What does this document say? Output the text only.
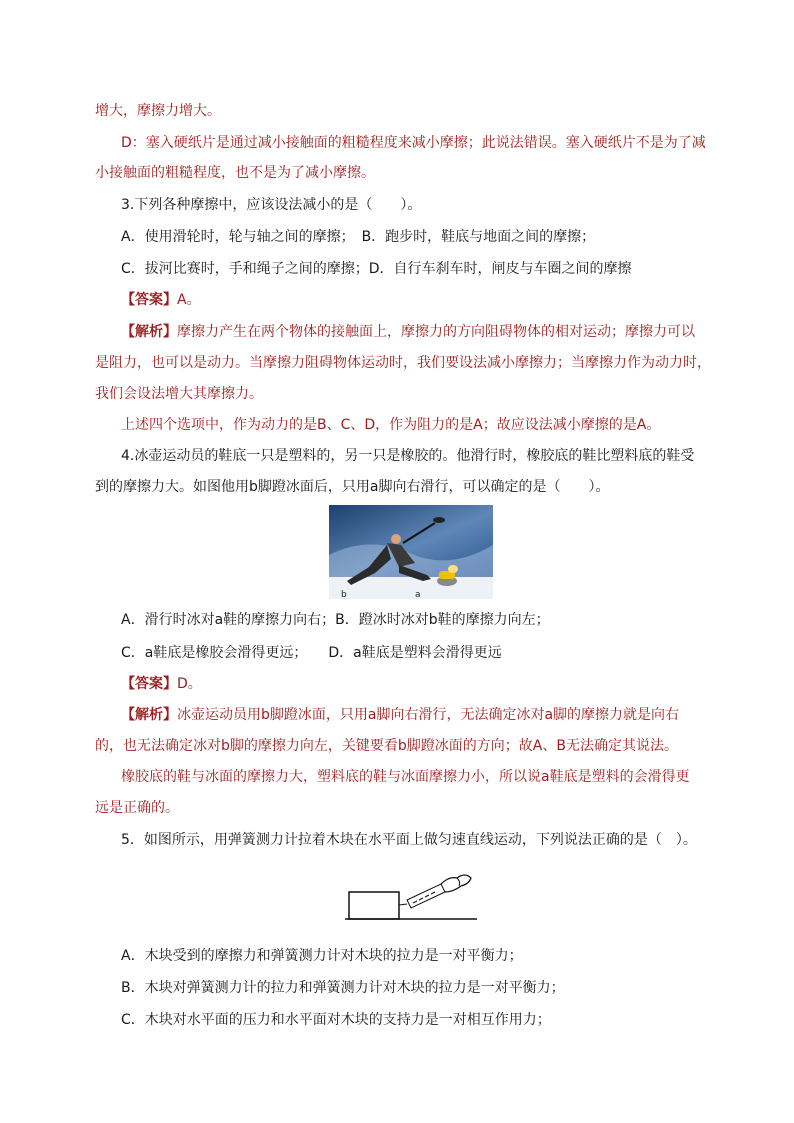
增大，摩擦力增大。
D：塞入硬纸片是通过减小接触面的粗糙程度来减小摩擦；此说法错误。塞入硬纸片不是为了减
小接触面的粗糙程度，也不是为了减小摩擦。
3.下列各种摩擦中，应该设法减小的是（　　）。
A．使用滑轮时，轮与轴之间的摩擦；　B．跑步时，鞋底与地面之间的摩擦；
C．拔河比赛时，手和绳子之间的摩擦；D．自行车刹车时，闸皮与车圈之间的摩擦
【答案】A。
【解析】摩擦力产生在两个物体的接触面上，摩擦力的方向阻碍物体的相对运动；摩擦力可以
是阻力，也可以是动力。当摩擦力阻碍物体运动时，我们要设法减小摩擦力；当摩擦力作为动力时，
我们会设法增大其摩擦力。
上述四个选项中，作为动力的是B、C、D，作为阻力的是A；故应设法减小摩擦的是A。
4.冰壶运动员的鞋底一只是塑料的，另一只是橡胶的。他滑行时，橡胶底的鞋比塑料底的鞋受
到的摩擦力大。如图他用b脚蹬冰面后，只用a脚向右滑行，可以确定的是（　　）。
b	a
A．滑行时冰对a鞋的摩擦力向右；B．蹬冰时冰对b鞋的摩擦力向左；
C．a鞋底是橡胶会滑得更远；　　D．a鞋底是塑料会滑得更远
【答案】D。
【解析】冰壶运动员用b脚蹬冰面，只用a脚向右滑行，无法确定冰对a脚的摩擦力就是向右
的，也无法确定冰对b脚的摩擦力向左，关键要看b脚蹬冰面的方向；故A、B无法确定其说法。
橡胶底的鞋与冰面的摩擦力大，塑料底的鞋与冰面摩擦力小，所以说a鞋底是塑料的会滑得更
远是正确的。
5．如图所示，用弹簧测力计拉着木块在水平面上做匀速直线运动，下列说法正确的是（　）。
A．木块受到的摩擦力和弹簧测力计对木块的拉力是一对平衡力；
B．木块对弹簧测力计的拉力和弹簧测力计对木块的拉力是一对平衡力；
C．木块对水平面的压力和水平面对木块的支持力是一对相互作用力；
